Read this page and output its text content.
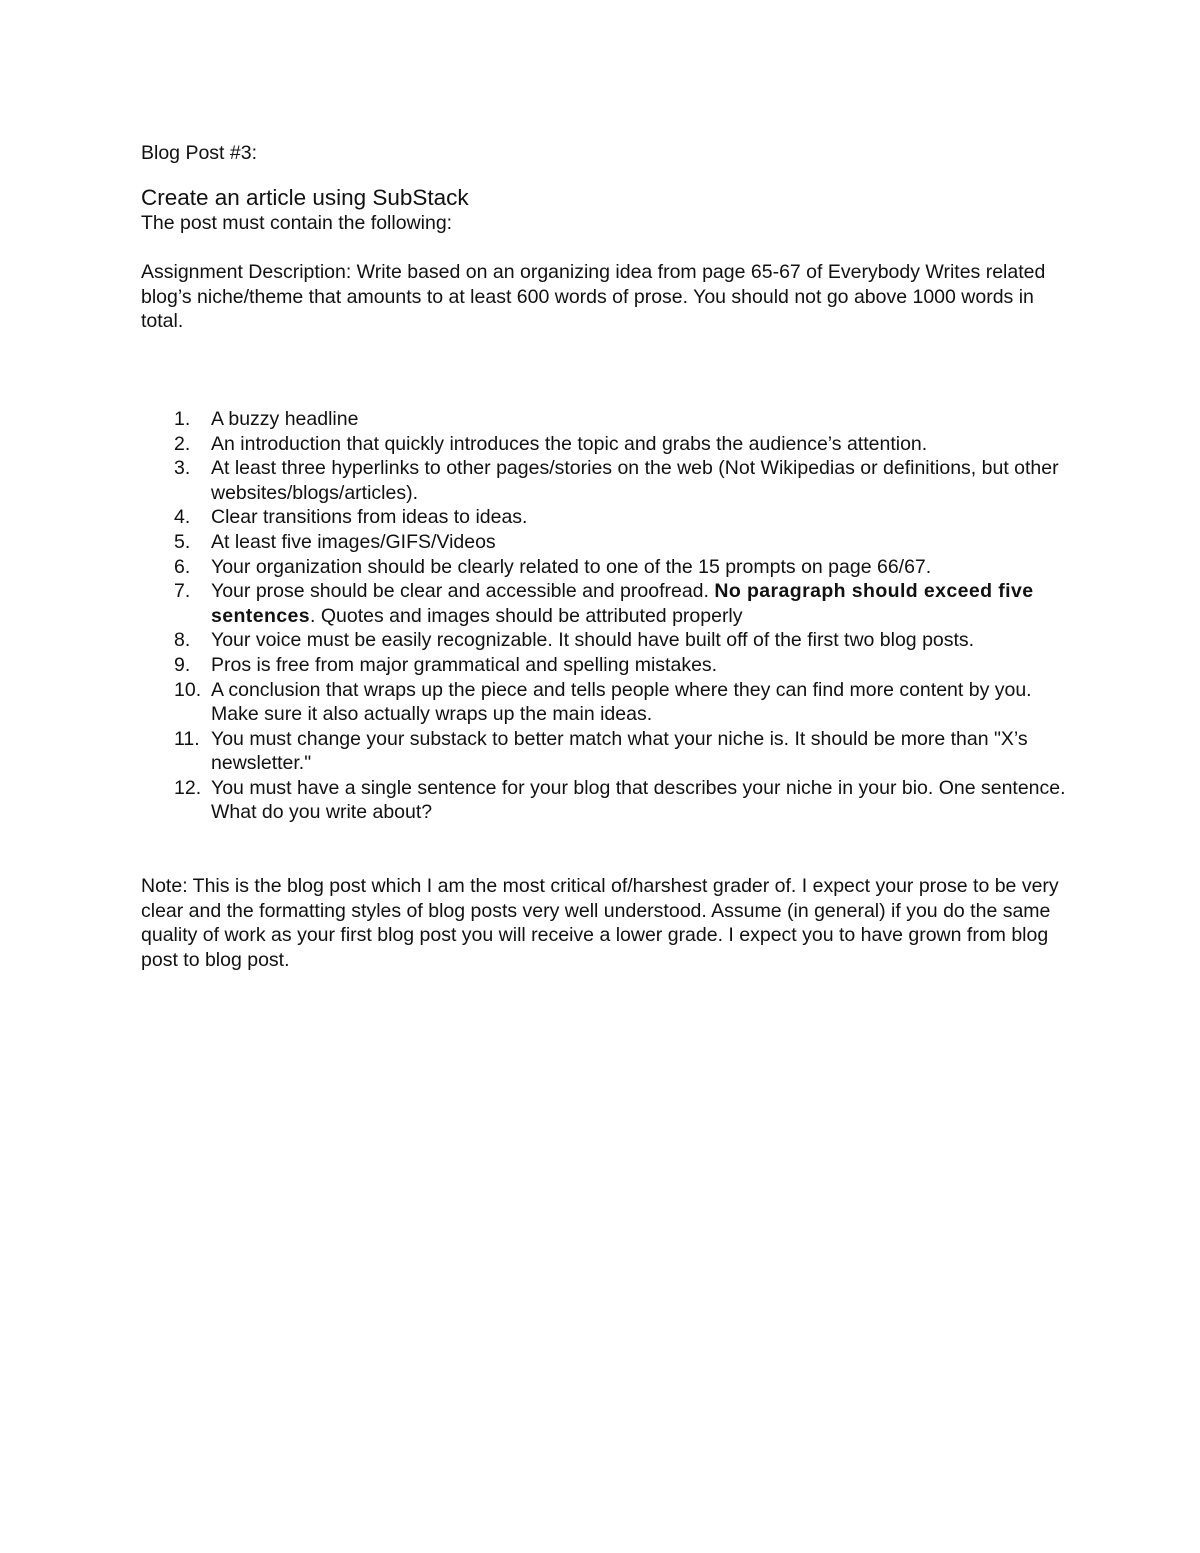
Blog Post #3:
Create an article using SubStack
The post must contain the following:
Assignment Description: Write based on an organizing idea from page 65-67 of Everybody Writes related blog’s niche/theme that amounts to at least 600 words of prose. You should not go above 1000 words in total.
1.	A buzzy headline
2.	An introduction that quickly introduces the topic and grabs the audience’s attention.
3.	At least three hyperlinks to other pages/stories on the web (Not Wikipedias or definitions, but other websites/blogs/articles).
4.	Clear transitions from ideas to ideas.
5.	At least five images/GIFS/Videos
6.	Your organization should be clearly related to one of the 15 prompts on page 66/67.
7.	Your prose should be clear and accessible and proofread. No paragraph should exceed five sentences. Quotes and images should be attributed properly
8.	Your voice must be easily recognizable. It should have built off of the first two blog posts.
9.	Pros is free from major grammatical and spelling mistakes.
10. A conclusion that wraps up the piece and tells people where they can find more content by you. Make sure it also actually wraps up the main ideas.
11. You must change your substack to better match what your niche is. It should be more than "X’s newsletter."
12. You must have a single sentence for your blog that describes your niche in your bio. One sentence. What do you write about?
Note: This is the blog post which I am the most critical of/harshest grader of. I expect your prose to be very clear and the formatting styles of blog posts very well understood. Assume (in general) if you do the same quality of work as your first blog post you will receive a lower grade. I expect you to have grown from blog post to blog post.
